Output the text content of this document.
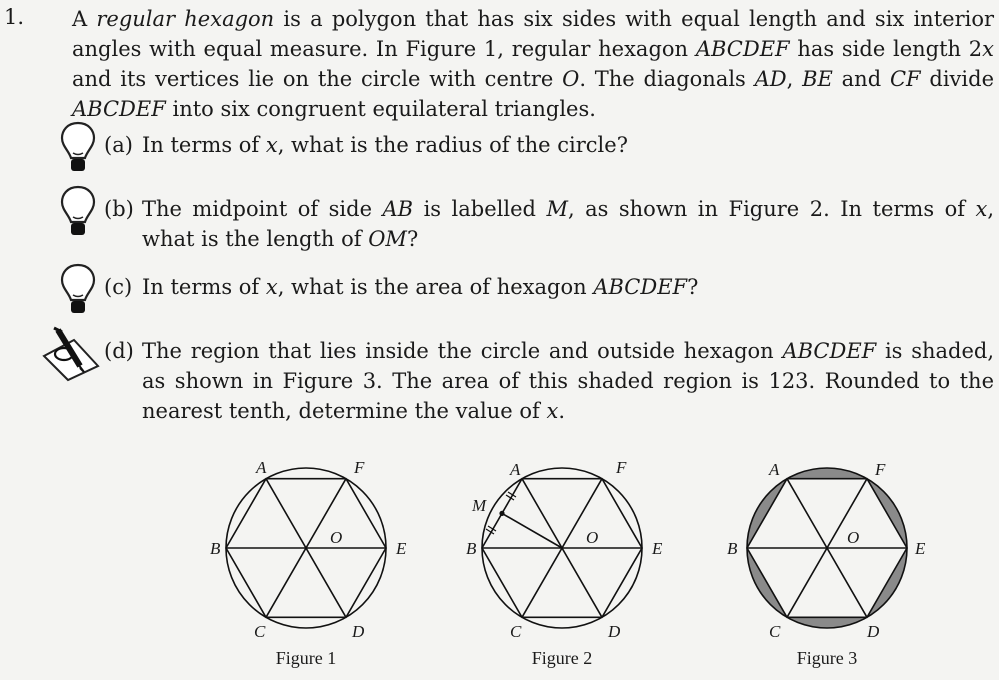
1. A regular hexagon is a polygon that has six sides with equal length and six interior
angles with equal measure. In Figure 1, regular hexagon ABCDEF has side length 2x
and its vertices lie on the circle with centre O. The diagonals AD, BE and CF divide
ABCDEF into six congruent equilateral triangles.
(a) In terms of x, what is the radius of the circle?
(b) The midpoint of side AB is labelled M, as shown in Figure 2. In terms of x,
what is the length of OM?
(c) In terms of x, what is the area of hexagon ABCDEF?
(d) The region that lies inside the circle and outside hexagon ABCDEF is shaded,
as shown in Figure 3. The area of this shaded region is 123. Rounded to the
nearest tenth, determine the value of x.
A	F
B
O
E
C	D
Figure 1
A	F
M
B
O
E
C	D
Figure 2
A	F
B
O
E
C	D
Figure 3
